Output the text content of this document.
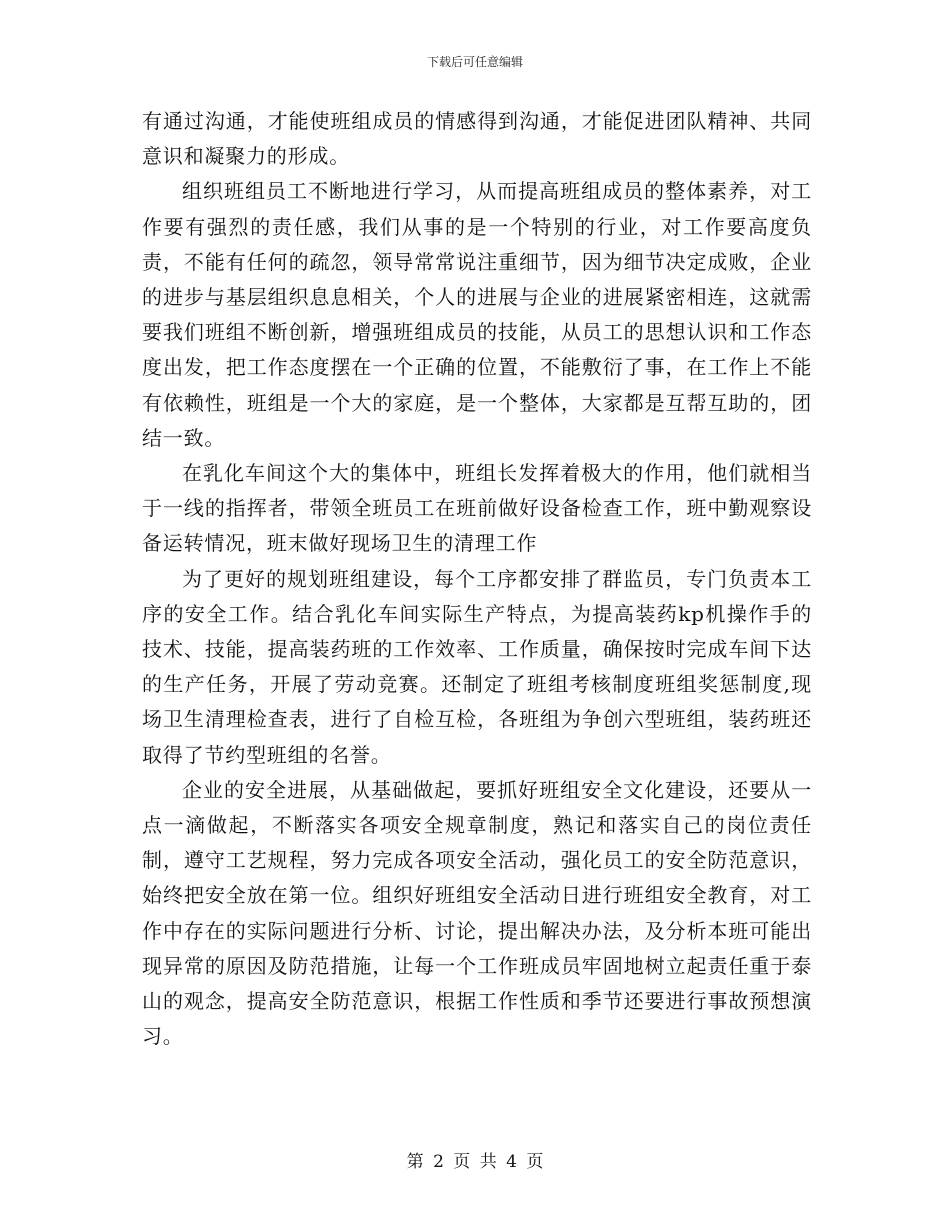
下载后可任意编辑

有通过沟通，才能使班组成员的情感得到沟通，才能促进团队精神、共同意识和凝聚力的形成。

组织班组员工不断地进行学习，从而提高班组成员的整体素养，对工作要有强烈的责任感，我们从事的是一个特别的行业，对工作要高度负责，不能有任何的疏忽，领导常常说注重细节，因为细节决定成败，企业的进步与基层组织息息相关，个人的进展与企业的进展紧密相连，这就需要我们班组不断创新，增强班组成员的技能，从员工的思想认识和工作态度出发，把工作态度摆在一个正确的位置，不能敷衍了事，在工作上不能有依赖性，班组是一个大的家庭，是一个整体，大家都是互帮互助的，团结一致。

在乳化车间这个大的集体中，班组长发挥着极大的作用，他们就相当于一线的指挥者，带领全班员工在班前做好设备检查工作，班中勤观察设备运转情况，班末做好现场卫生的清理工作

为了更好的规划班组建设，每个工序都安排了群监员，专门负责本工序的安全工作。结合乳化车间实际生产特点，为提高装药kp机操作手的技术、技能，提高装药班的工作效率、工作质量，确保按时完成车间下达的生产任务，开展了劳动竞赛。还制定了班组考核制度班组奖惩制度,现场卫生清理检查表，进行了自检互检，各班组为争创六型班组，装药班还取得了节约型班组的名誉。

企业的安全进展，从基础做起，要抓好班组安全文化建设，还要从一点一滴做起，不断落实各项安全规章制度，熟记和落实自己的岗位责任制，遵守工艺规程，努力完成各项安全活动，强化员工的安全防范意识，始终把安全放在第一位。组织好班组安全活动日进行班组安全教育，对工作中存在的实际问题进行分析、讨论，提出解决办法，及分析本班可能出现异常的原因及防范措施，让每一个工作班成员牢固地树立起责任重于泰山的观念，提高安全防范意识，根据工作性质和季节还要进行事故预想演习。

第 2 页 共 4 页
